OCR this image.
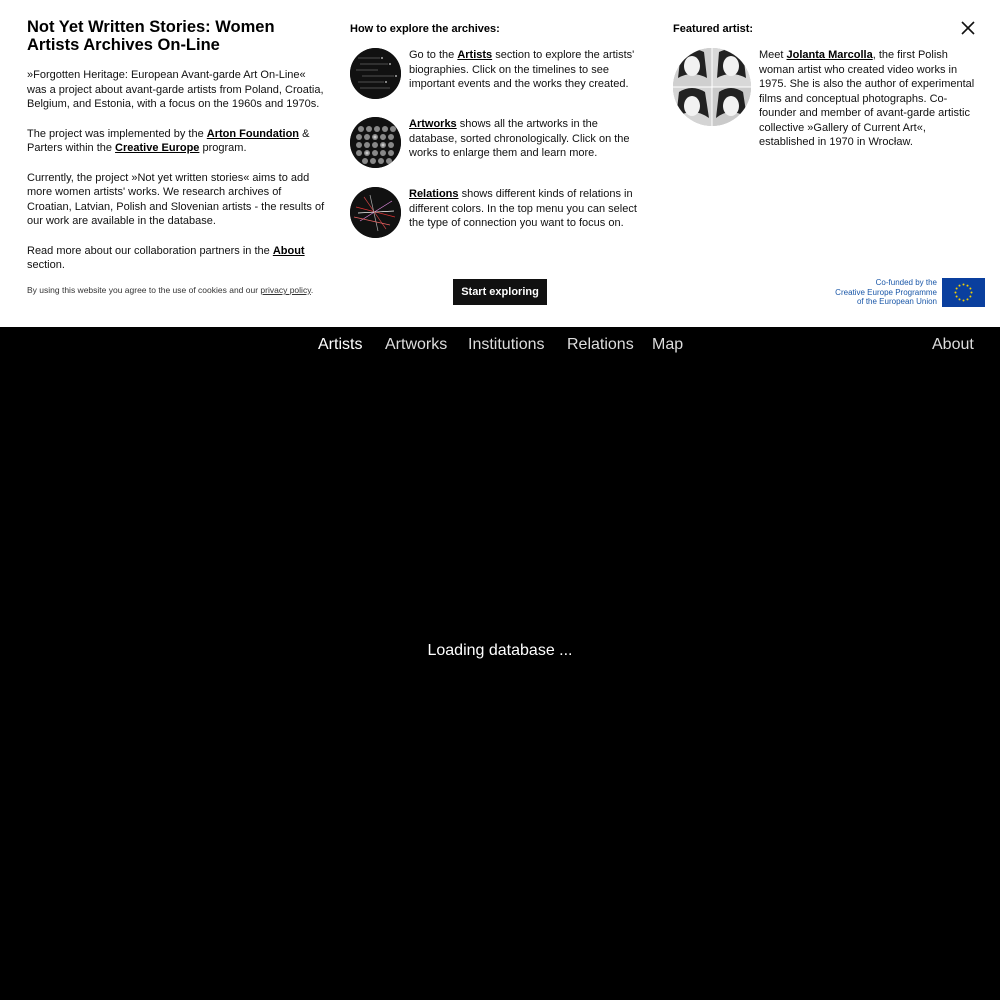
Not Yet Written Stories: Women Artists Archives On-Line

»Forgotten Heritage: European Avant-garde Art On-Line« was a project about avant-garde artists from Poland, Croatia, Belgium, and Estonia, with a focus on the 1960s and 1970s.

The project was implemented by the Arton Foundation & Parters within the Creative Europe program.

Currently, the project »Not yet written stories« aims to add more women artists' works. We research archives of Croatian, Latvian, Polish and Slovenian artists - the results of our work are available in the database.

Read more about our collaboration partners in the About section.

By using this website you agree to the use of cookies and our privacy policy.
How to explore the archives:
Go to the Artists section to explore the artists' biographies. Click on the timelines to see important events and the works they created.
Artworks shows all the artworks in the database, sorted chronologically. Click on the works to enlarge them and learn more.
Relations shows different kinds of relations in different colors. In the top menu you can select the type of connection you want to focus on.
Featured artist:
Meet Jolanta Marcolla, the first Polish woman artist who created video works in 1975. She is also the author of experimental films and conceptual photographs. Co-founder and member of avant-garde artistic collective »Gallery of Current Art«, established in 1970 in Wrocław.
Start exploring
Co-funded by the
Creative Europe Programme
of the European Union
Artists Artworks Institutions Relations Map	About
Loading database ...
